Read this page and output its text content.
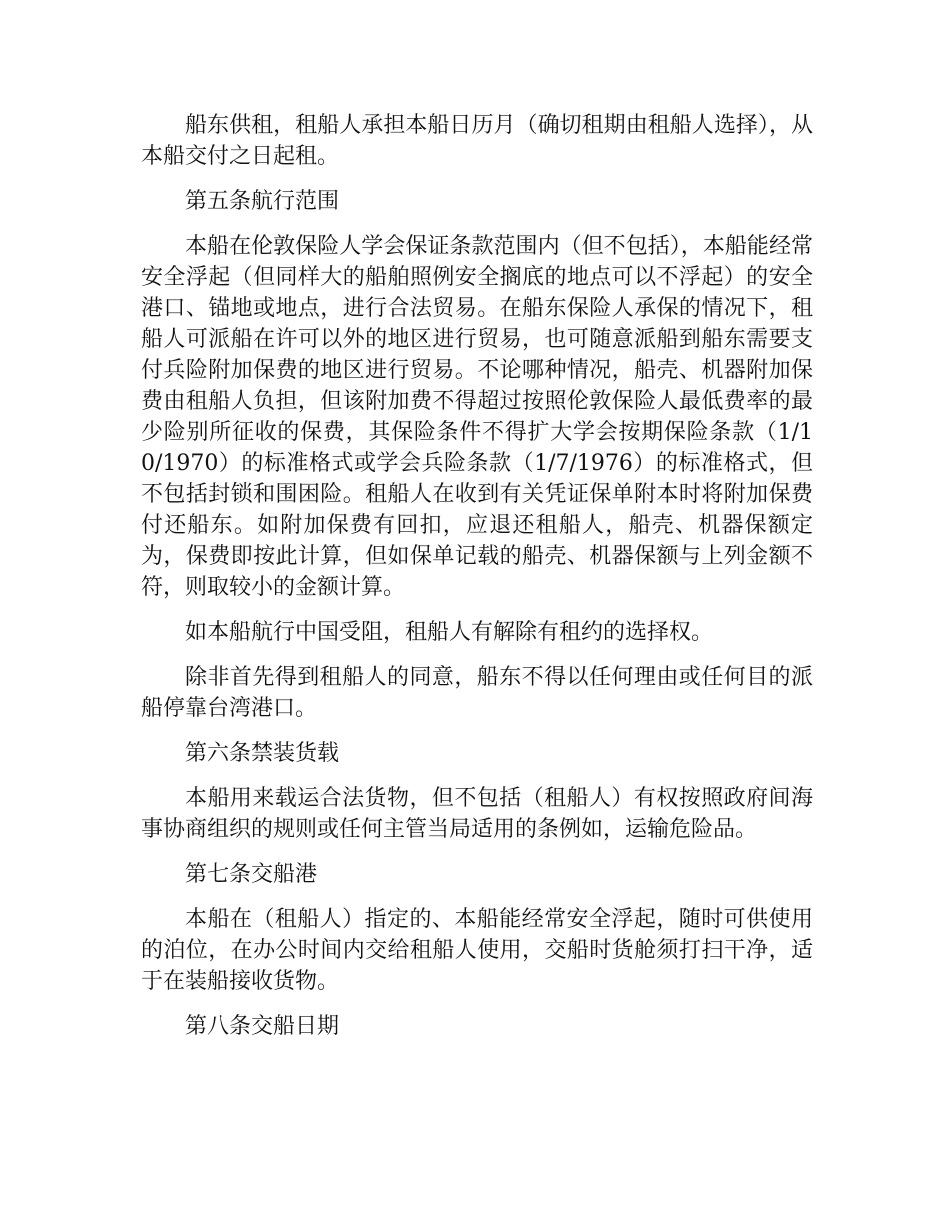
船东供租，租船人承担本船日历月（确切租期由租船人选择），从本船交付之日起租。

第五条航行范围

本船在伦敦保险人学会保证条款范围内（但不包括），本船能经常安全浮起（但同样大的船舶照例安全搁底的地点可以不浮起）的安全港口、锚地或地点，进行合法贸易。在船东保险人承保的情况下，租船人可派船在许可以外的地区进行贸易，也可随意派船到船东需要支付兵险附加保费的地区进行贸易。不论哪种情况，船壳、机器附加保费由租船人负担，但该附加费不得超过按照伦敦保险人最低费率的最少险别所征收的保费，其保险条件不得扩大学会按期保险条款（1/10/1970）的标准格式或学会兵险条款（1/7/1976）的标准格式，但不包括封锁和围困险。租船人在收到有关凭证保单附本时将附加保费付还船东。如附加保费有回扣，应退还租船人，船壳、机器保额定为，保费即按此计算，但如保单记载的船壳、机器保额与上列金额不符，则取较小的金额计算。

如本船航行中国受阻，租船人有解除有租约的选择权。

除非首先得到租船人的同意，船东不得以任何理由或任何目的派船停靠台湾港口。

第六条禁装货载

本船用来载运合法货物，但不包括（租船人）有权按照政府间海事协商组织的规则或任何主管当局适用的条例如，运输危险品。

第七条交船港

本船在（租船人）指定的、本船能经常安全浮起，随时可供使用的泊位，在办公时间内交给租船人使用，交船时货舱须打扫干净，适于在装船接收货物。

第八条交船日期
